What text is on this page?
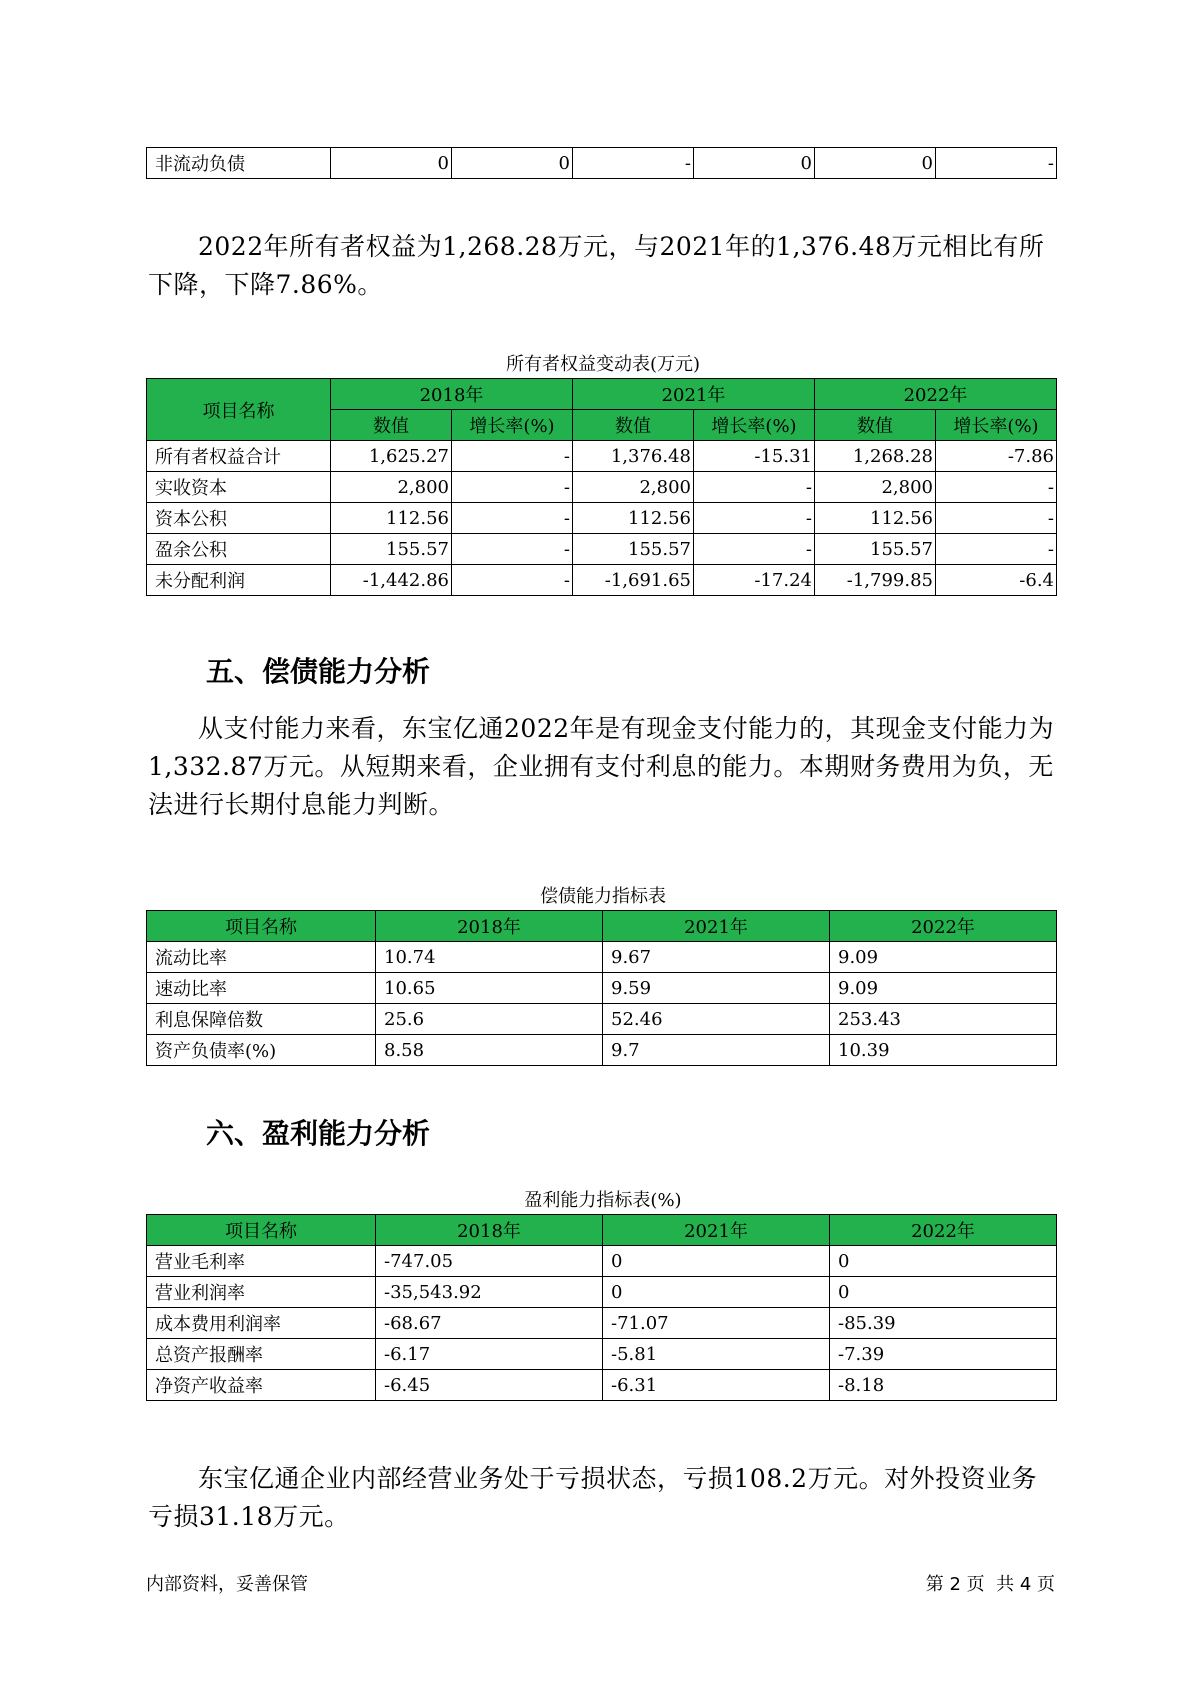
非流动负债	0	0	-	0	0	-
2022年所有者权益为1,268.28万元，与2021年的1,376.48万元相比有所下降，下降7.86%。
所有者权益变动表(万元)
项目名称	2018年		2021年		2022年	
	数值	增长率(%)	数值	增长率(%)	数值	增长率(%)
所有者权益合计	1,625.27	-	1,376.48	-15.31	1,268.28	-7.86
实收资本	2,800	-	2,800	-	2,800	-
资本公积	112.56	-	112.56	-	112.56	-
盈余公积	155.57	-	155.57	-	155.57	-
未分配利润	-1,442.86	-	-1,691.65	-17.24	-1,799.85	-6.4
五、偿债能力分析
从支付能力来看，东宝亿通2022年是有现金支付能力的，其现金支付能力为1,332.87万元。从短期来看，企业拥有支付利息的能力。本期财务费用为负，无法进行长期付息能力判断。
偿债能力指标表
项目名称	2018年	2021年	2022年
流动比率	10.74	9.67	9.09
速动比率	10.65	9.59	9.09
利息保障倍数	25.6	52.46	253.43
资产负债率(%)	8.58	9.7	10.39
六、盈利能力分析
盈利能力指标表(%)
项目名称	2018年	2021年	2022年
营业毛利率	-747.05	0	0
营业利润率	-35,543.92	0	0
成本费用利润率	-68.67	-71.07	-85.39
总资产报酬率	-6.17	-5.81	-7.39
净资产收益率	-6.45	-6.31	-8.18
东宝亿通企业内部经营业务处于亏损状态，亏损108.2万元。对外投资业务亏损31.18万元。
内部资料，妥善保管	第 2 页  共 4 页
